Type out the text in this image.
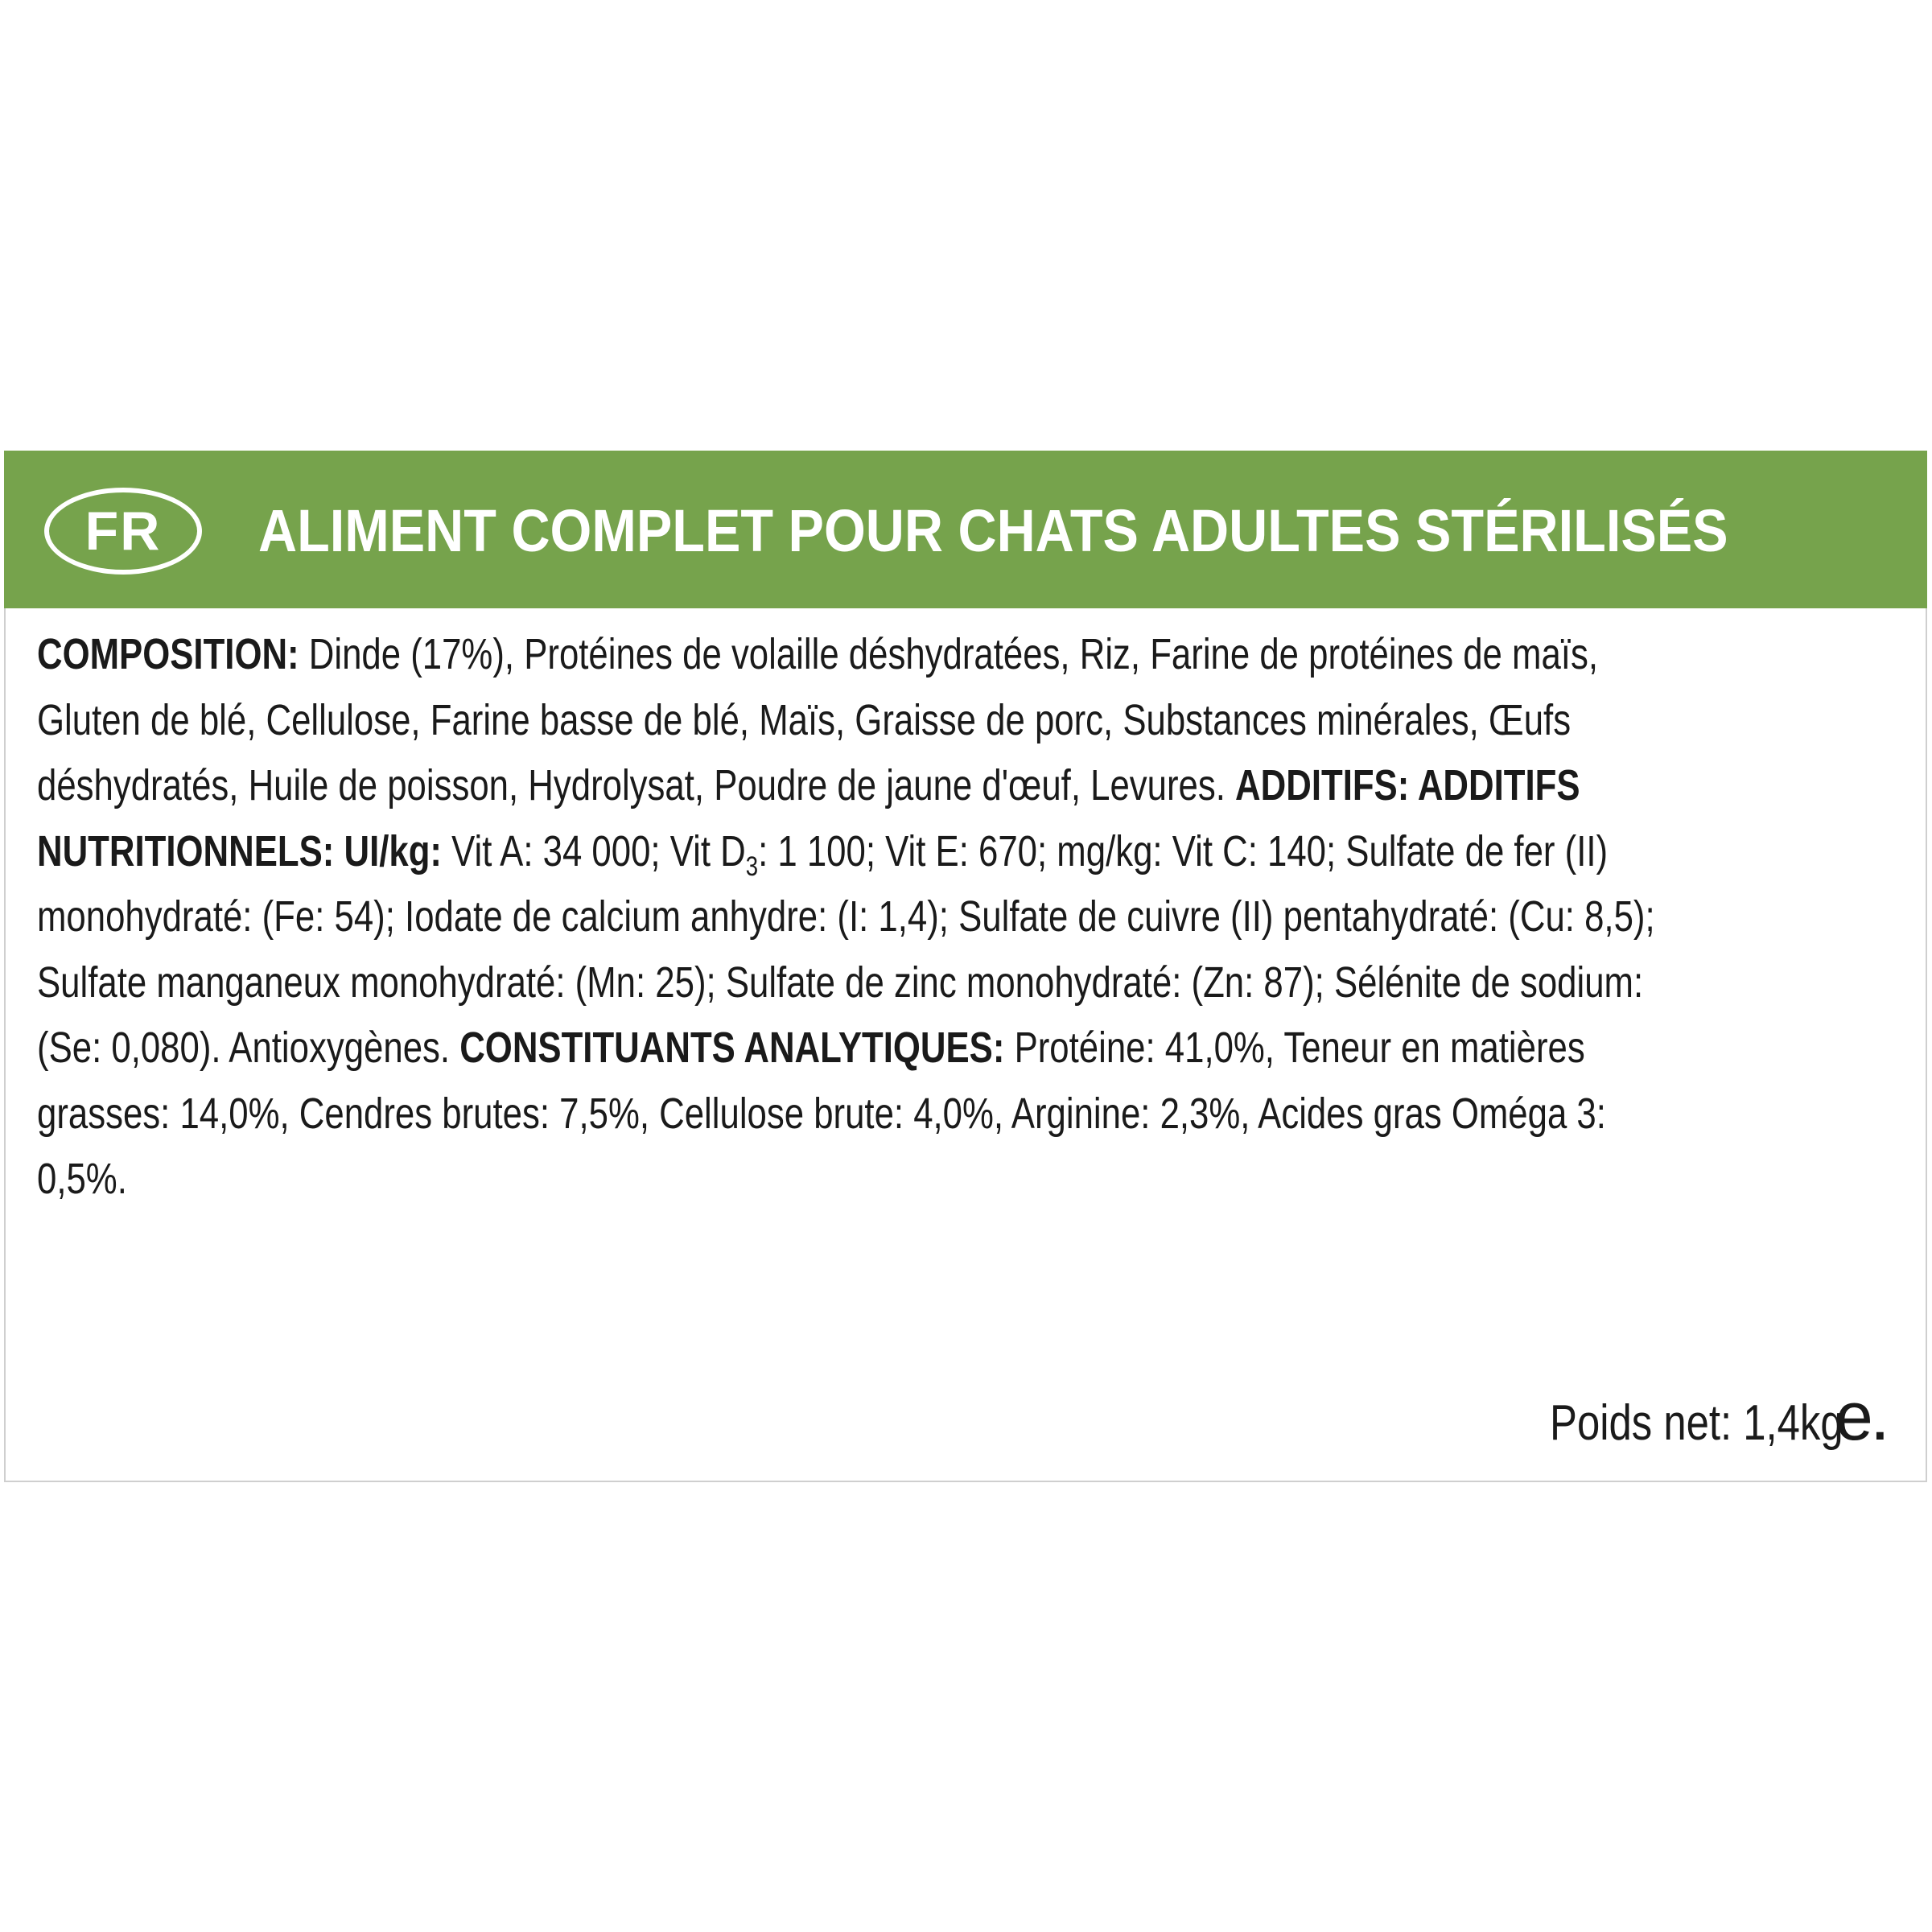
FR	ALIMENT COMPLET POUR CHATS ADULTES STÉRILISÉS
COMPOSITION: Dinde (17%), Protéines de volaille déshydratées, Riz, Farine de protéines de maïs, Gluten de blé, Cellulose, Farine basse de blé, Maïs, Graisse de porc, Substances minérales, Œufs déshydratés, Huile de poisson, Hydrolysat, Poudre de jaune d'œuf, Levures. ADDITIFS: ADDITIFS NUTRITIONNELS: UI/kg: Vit A: 34 000; Vit $D_3$: 1 100; Vit E: 670; mg/kg: Vit C: 140; Sulfate de fer (II) monohydraté: (Fe: 54); Iodate de calcium anhydre: (I: 1,4); Sulfate de cuivre (II) pentahydraté: (Cu: 8,5); Sulfate manganeux monohydraté: (Mn: 25); Sulfate de zinc monohydraté: (Zn: 87); Sélénite de sodium: (Se: 0,080). Antioxygènes. CONSTITUANTS ANALYTIQUES: Protéine: 41,0%, Teneur en matières grasses: 14,0%, Cendres brutes: 7,5%, Cellulose brute: 4,0%, Arginine: 2,3%, Acides gras Oméga 3: 0,5%.
Poids net: 1,4kg
e .
